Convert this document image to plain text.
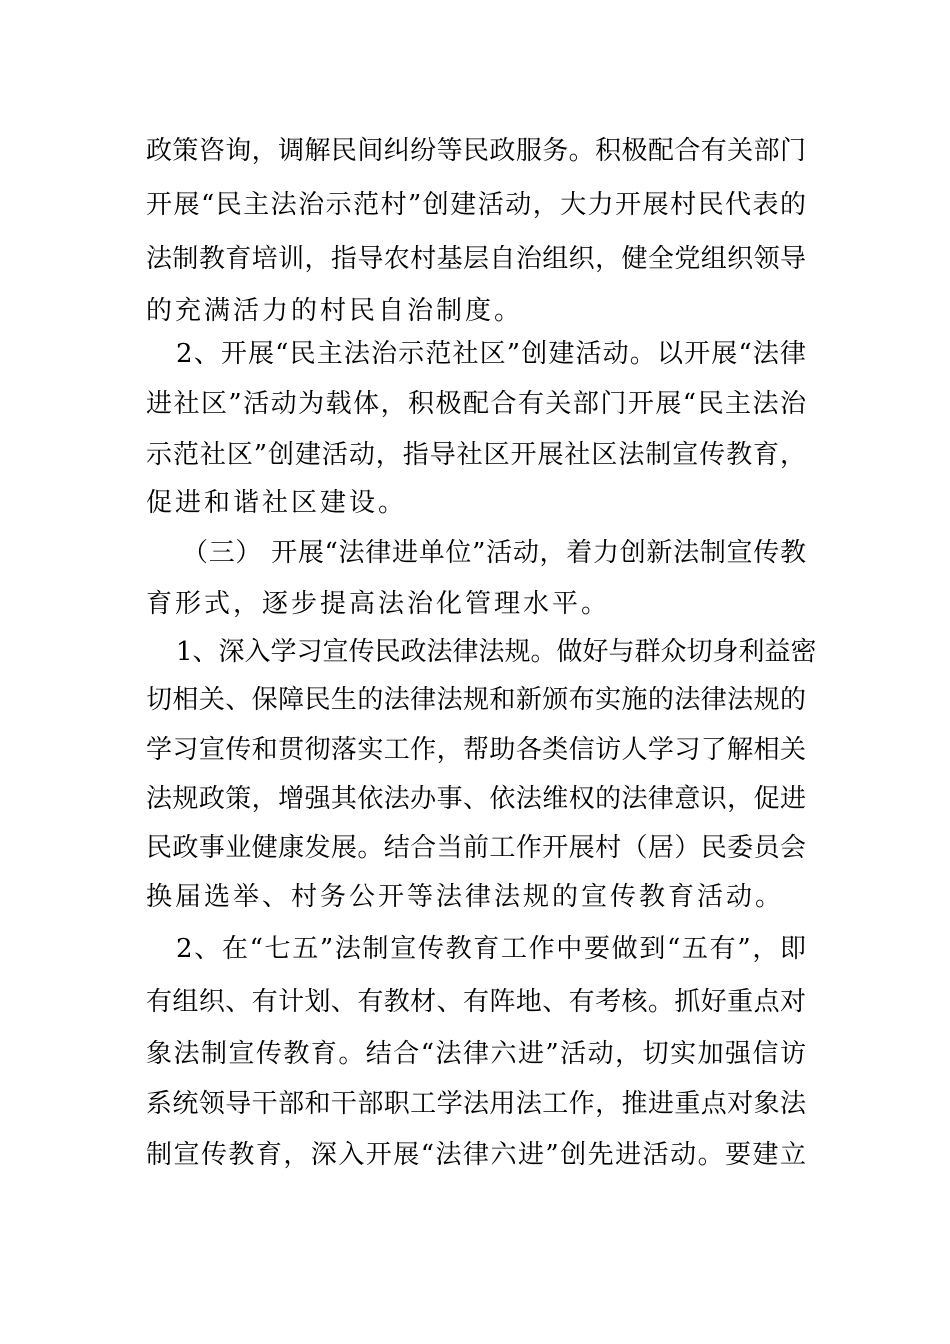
政策咨询，调解民间纠纷等民政服务。积极配合有关部门
开展“民主法治示范村”创建活动，大力开展村民代表的
法制教育培训，指导农村基层自治组织，健全党组织领导
的充满活力的村民自治制度。
2、开展“民主法治示范社区”创建活动。以开展“法律
进社区”活动为载体，积极配合有关部门开展“民主法治
示范社区”创建活动，指导社区开展社区法制宣传教育，
促进和谐社区建设。
（三） 开展“法律进单位”活动，着力创新法制宣传教
育形式，逐步提高法治化管理水平。
1、深入学习宣传民政法律法规。做好与群众切身利益密
切相关、保障民生的法律法规和新颁布实施的法律法规的
学习宣传和贯彻落实工作，帮助各类信访人学习了解相关
法规政策，增强其依法办事、依法维权的法律意识，促进
民政事业健康发展。结合当前工作开展村（居）民委员会
换届选举、村务公开等法律法规的宣传教育活动。
2、在“七五”法制宣传教育工作中要做到“五有”，即
有组织、有计划、有教材、有阵地、有考核。抓好重点对
象法制宣传教育。结合“法律六进”活动，切实加强信访
系统领导干部和干部职工学法用法工作，推进重点对象法
制宣传教育，深入开展“法律六进”创先进活动。要建立
